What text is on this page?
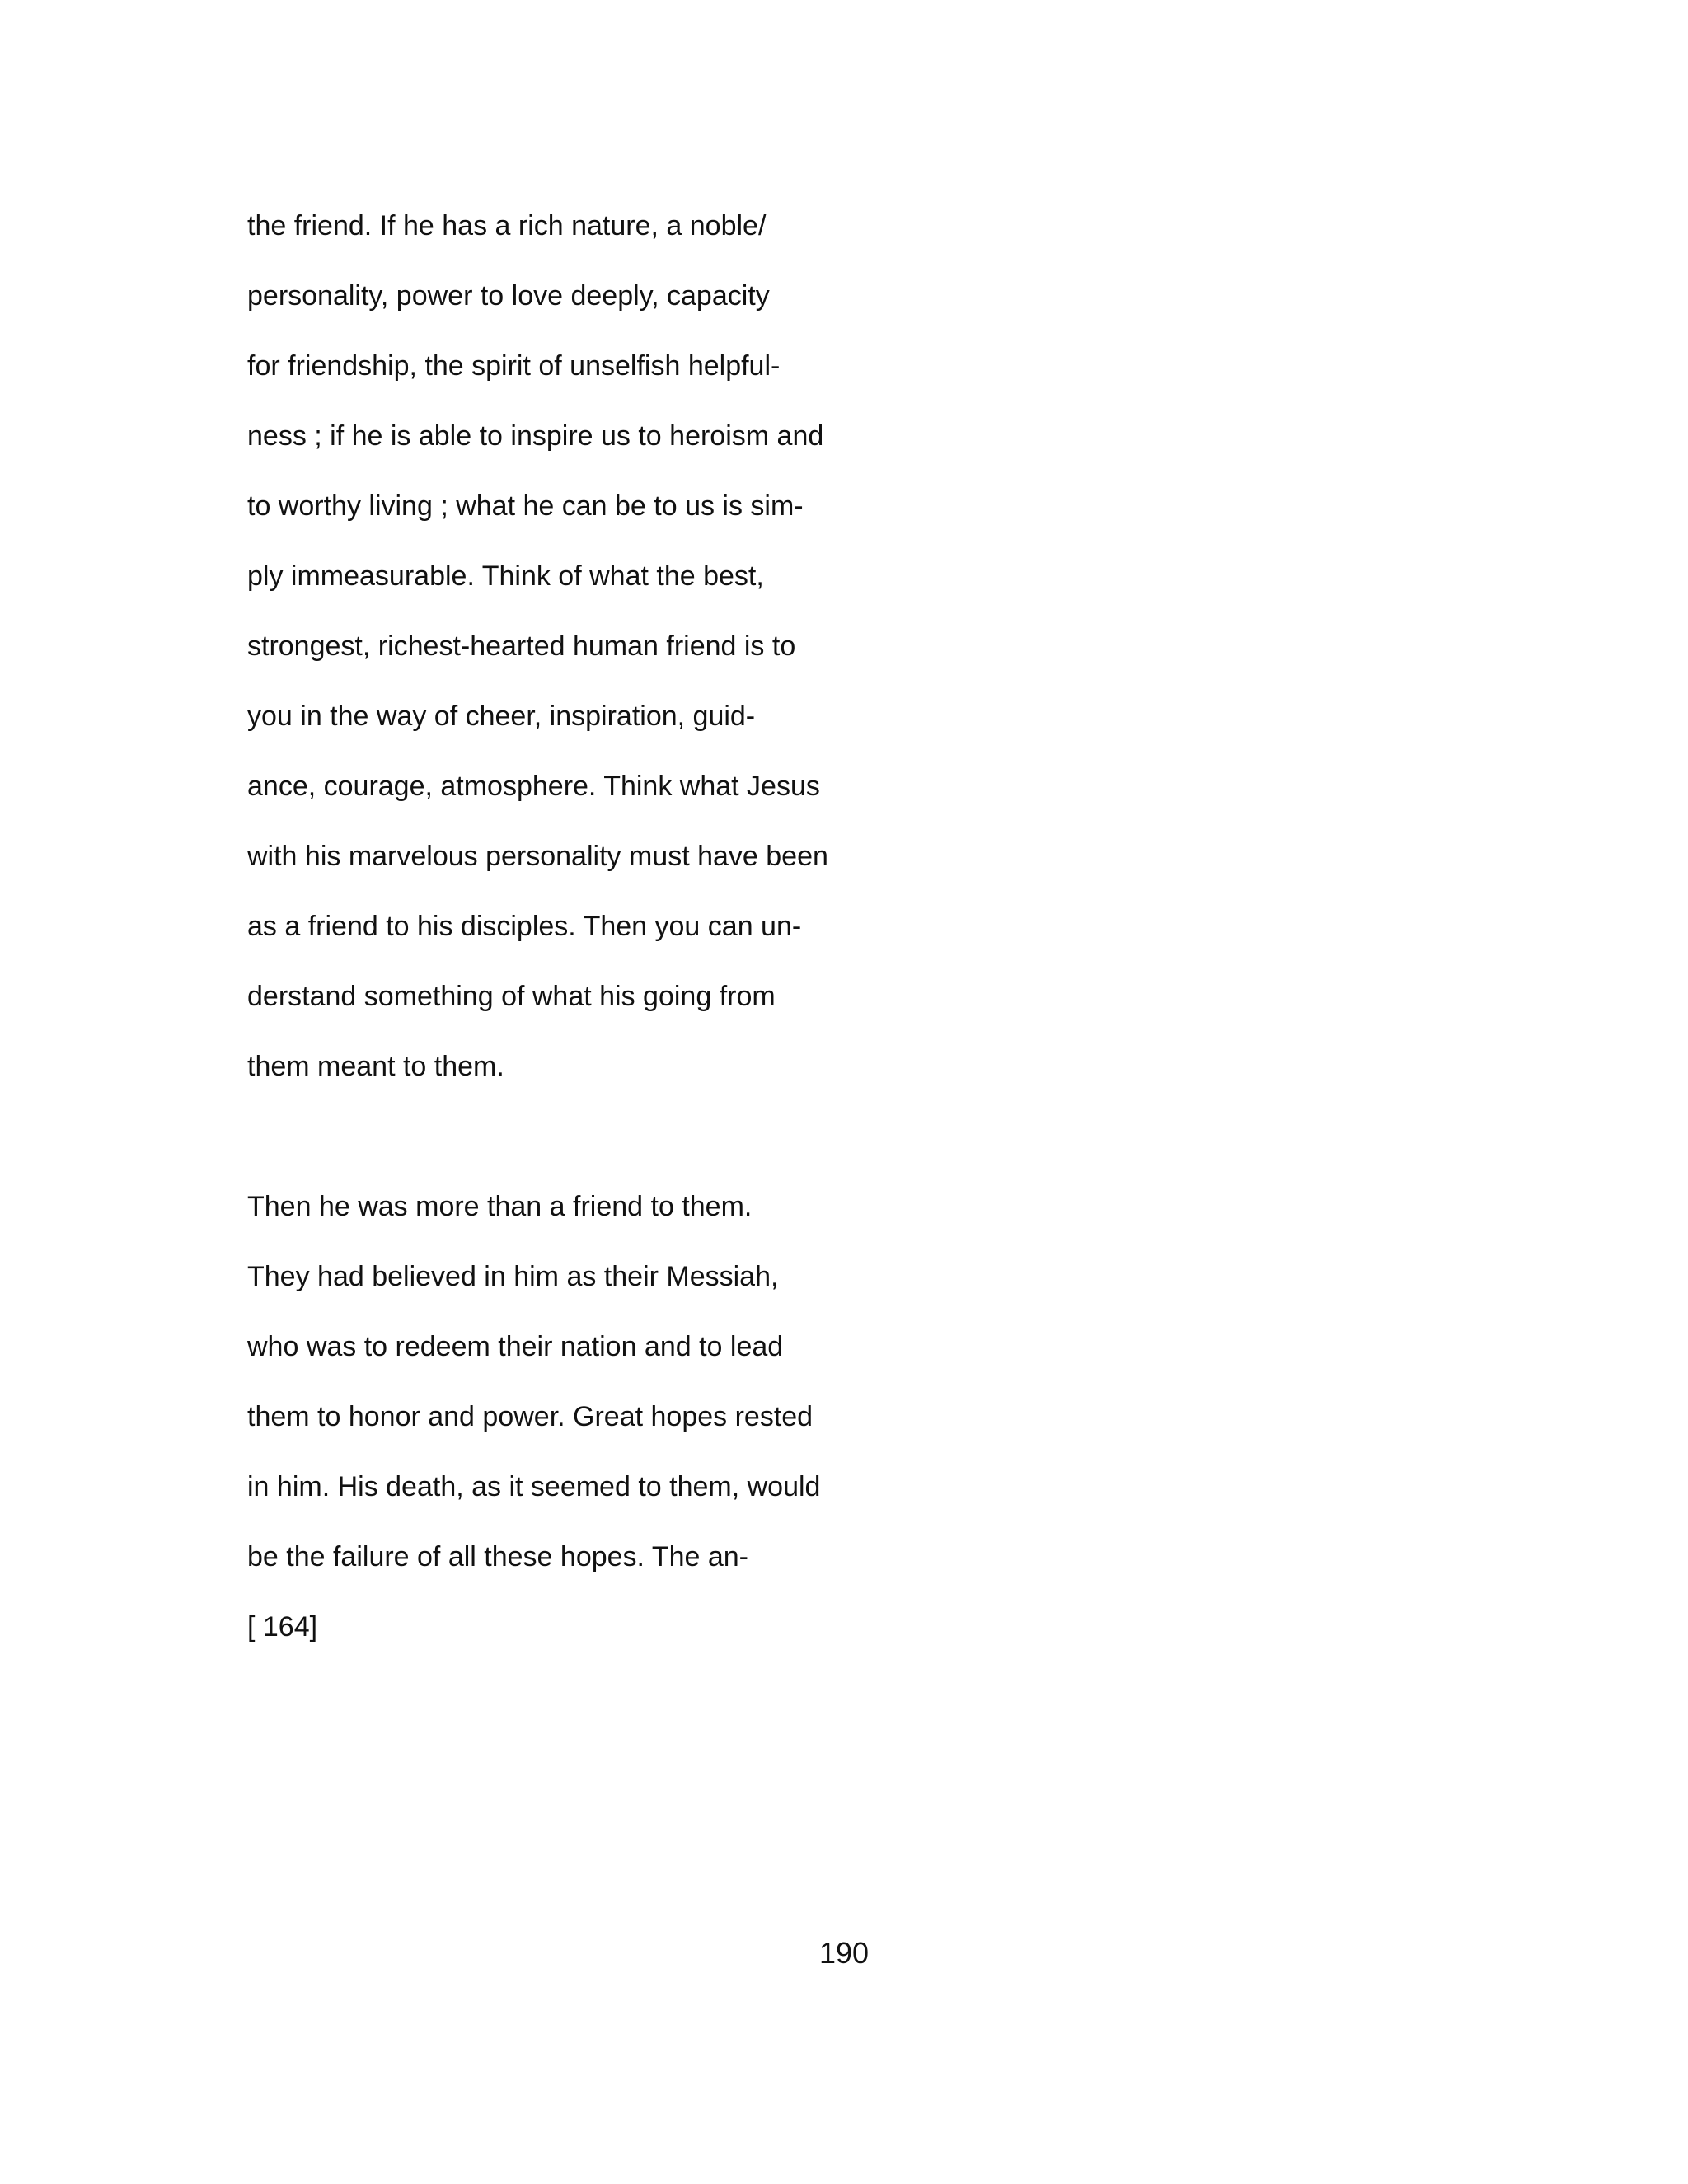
the friend. If he has a rich nature, a noble/
personality, power to love deeply, capacity
for friendship, the spirit of unselfish helpful-
ness ; if he is able to inspire us to heroism and
to worthy living ; what he can be to us is sim-
ply immeasurable. Think of what the best,
strongest, richest-hearted human friend is to
you in the way of cheer, inspiration, guid-
ance, courage, atmosphere. Think what Jesus
with his marvelous personality must have been
as a friend to his disciples. Then you can un-
derstand something of what his going from
them meant to them.
Then he was more than a friend to them.
They had believed in him as their Messiah,
who was to redeem their nation and to lead
them to honor and power. Great hopes rested
in him. His death, as it seemed to them, would
be the failure of all these hopes. The an-
[ 164]
190
